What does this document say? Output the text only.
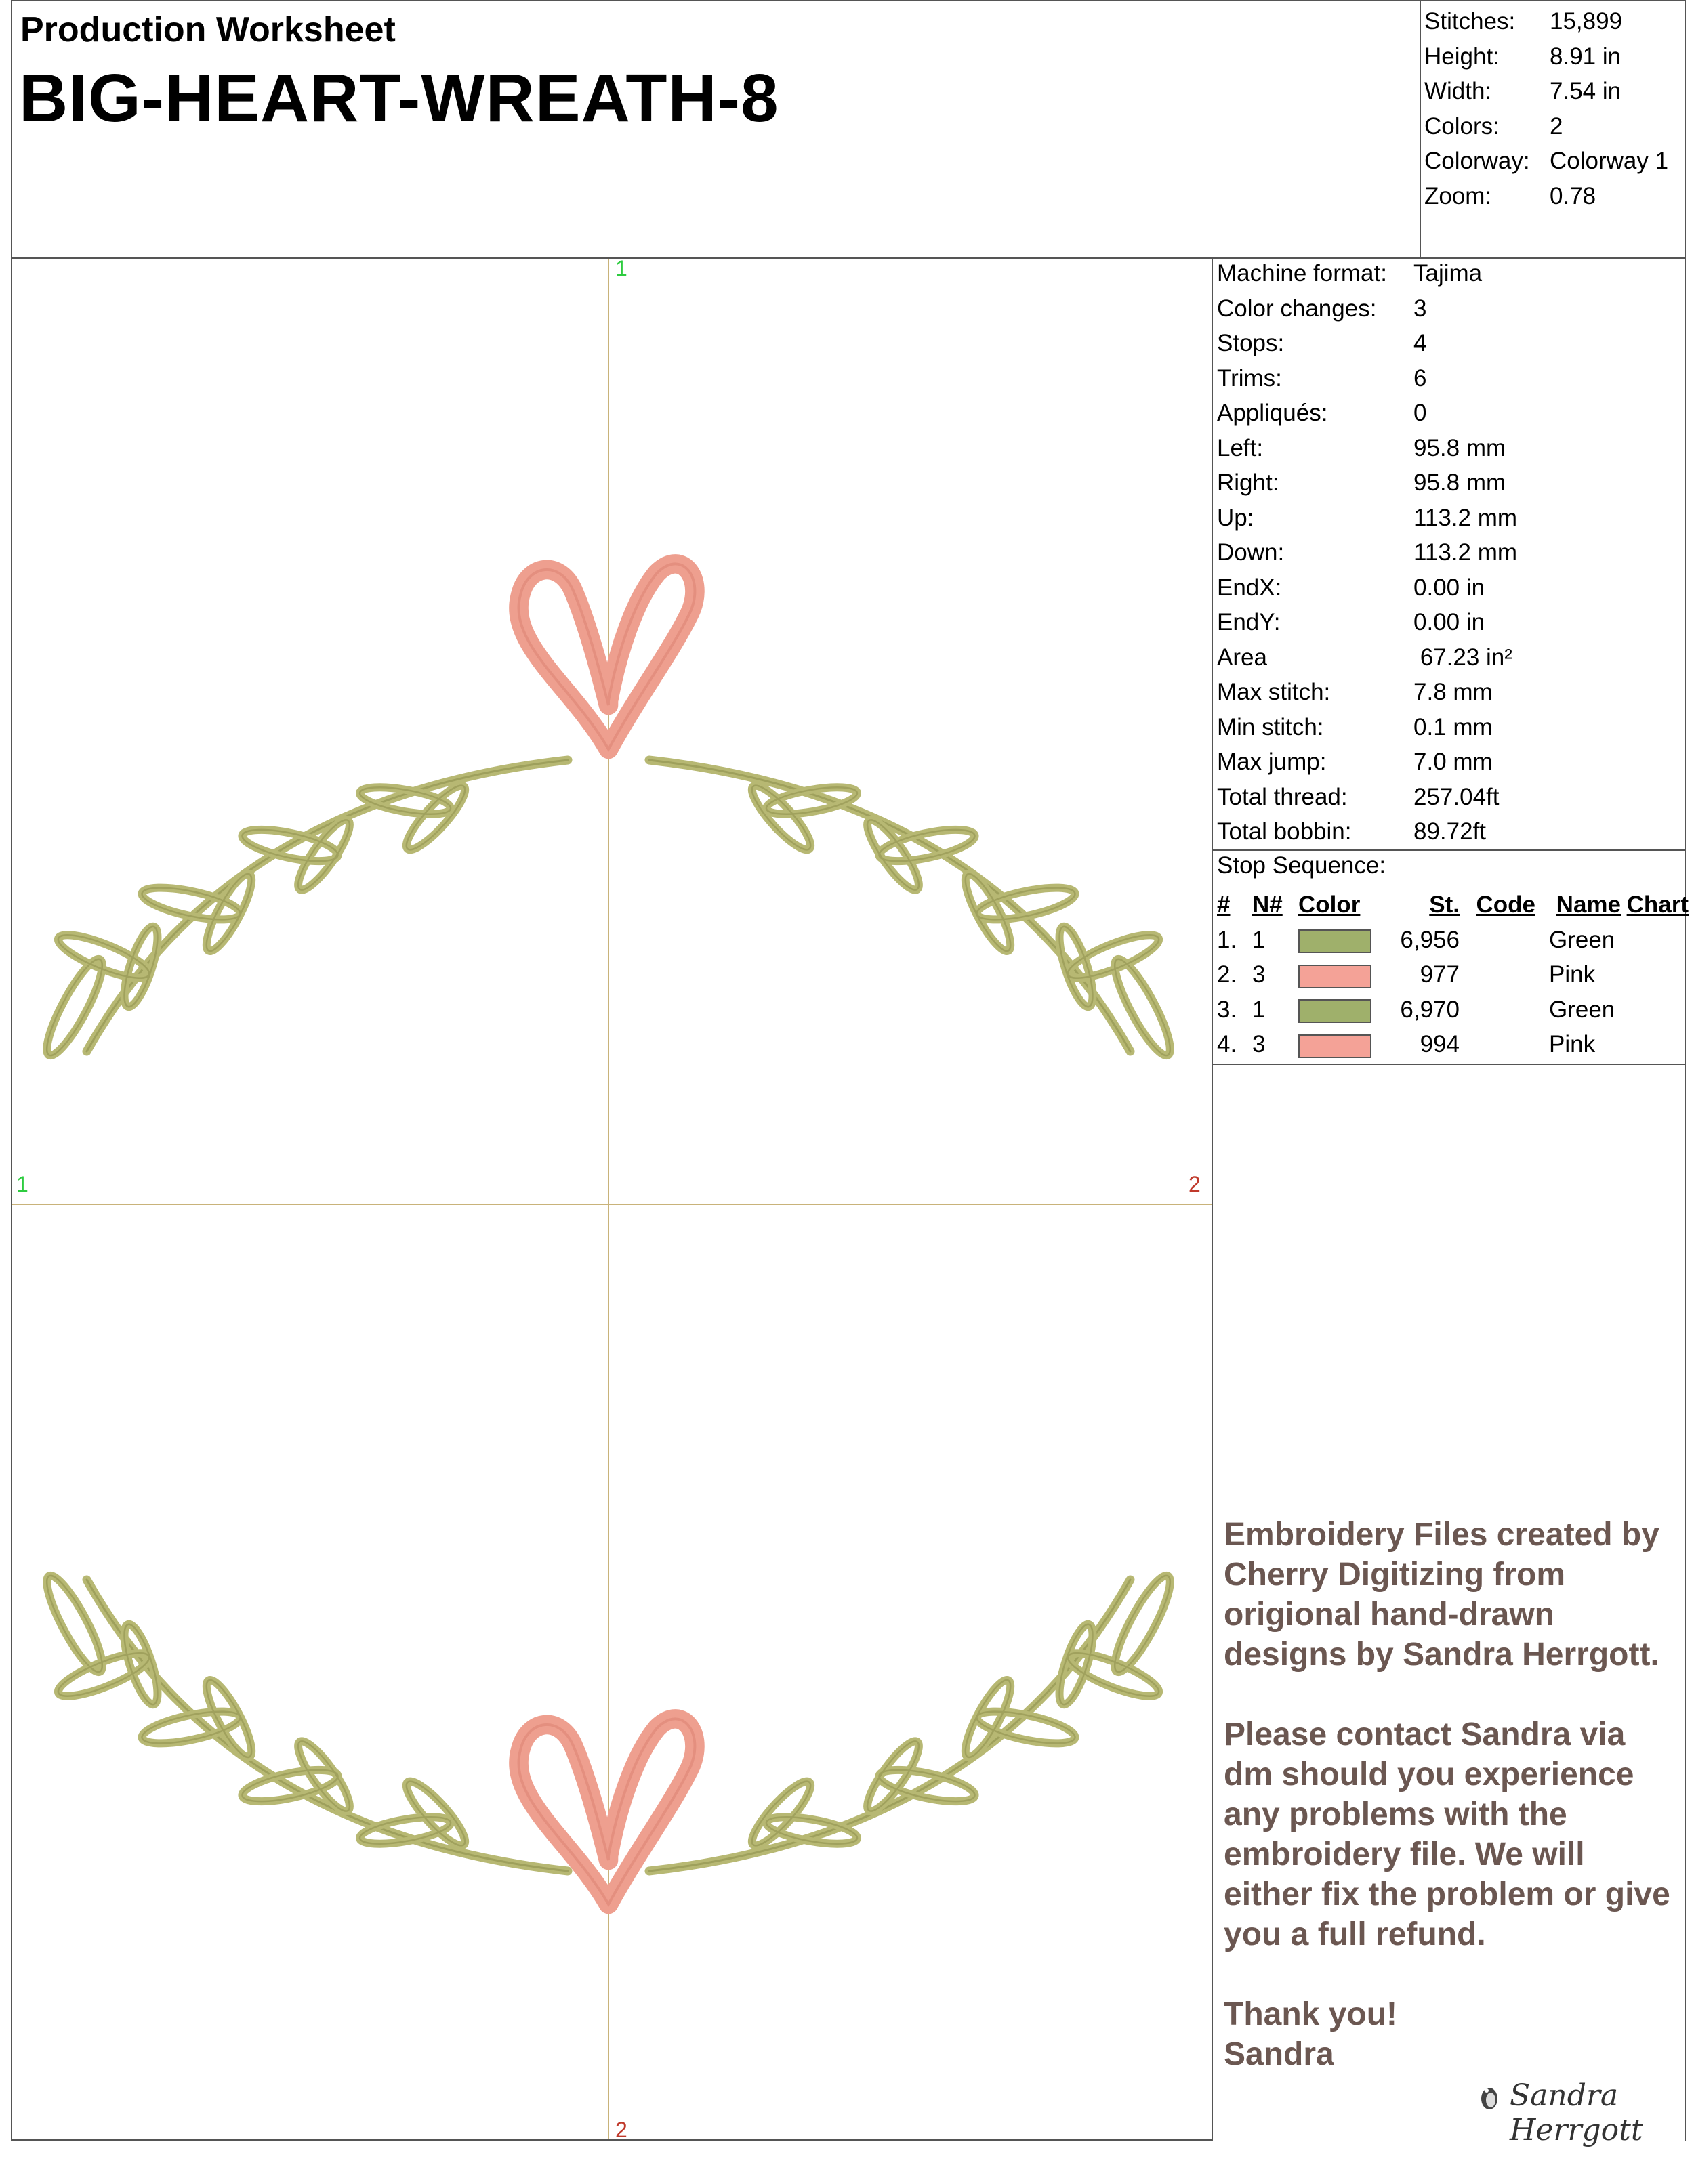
Production Worksheet
BIG-HEART-WREATH-8
Stitches:	15,899
Height:	8.91 in
Width:	7.54 in
Colors:	2
Colorway: Colorway 1
Zoom:	0.78
Machine format:	Tajima
Color changes:	3
Stops:	4
Trims:	6
Appliqués:	0
Left:	95.8 mm
Right:	95.8 mm
Up:	113.2 mm
Down:	113.2 mm
EndX:	0.00 in
EndY:	0.00 in
Area	67.23 in²
Max stitch:	7.8 mm
Min stitch:	0.1 mm
Max jump:	7.0 mm
Total thread:	257.04ft
Total bobbin:	89.72ft
Stop Sequence:
#	N#	Color	St.	Code	Name	Chart
1.	1		6,956		Green	
2.	3		977		Pink	
3.	1		6,970		Green	
4.	3		994		Pink	
1
1	2
2

Embroidery Files created by Cherry Digitizing from origional hand-drawn designs by Sandra Herrgott.

Please contact Sandra via dm should you experience any problems with the embroidery file. We will either fix the problem or give you a full refund.

Thank you!
Sandra
Sandra Herrgott
